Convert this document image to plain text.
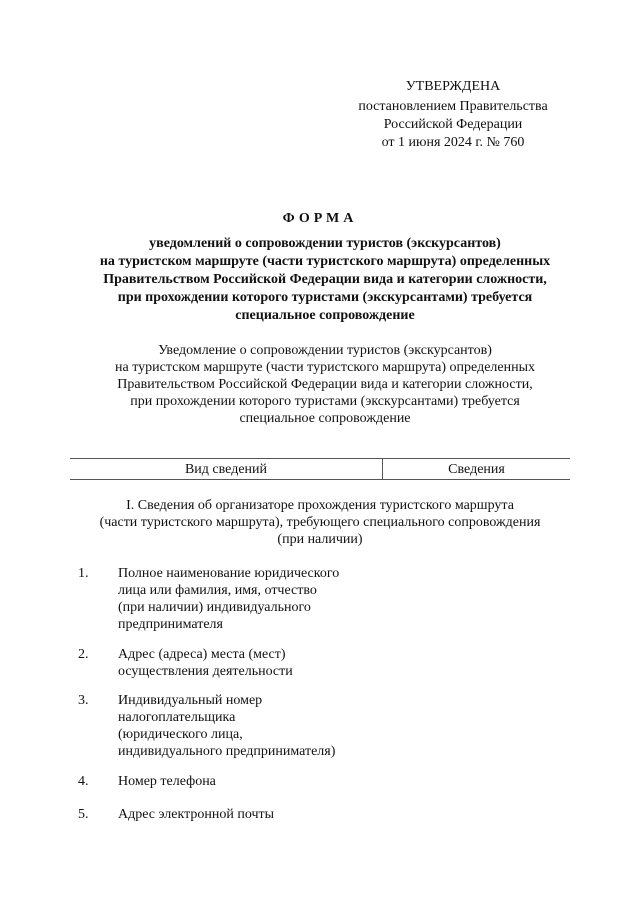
УТВЕРЖДЕНА
постановлением Правительства
Российской Федерации
от 1 июня 2024 г. № 760
ФОРМА
уведомлений о сопровождении туристов (экскурсантов)
на туристском маршруте (части туристского маршрута) определенных
Правительством Российской Федерации вида и категории сложности,
при прохождении которого туристами (экскурсантами) требуется
специальное сопровождение
Уведомление о сопровождении туристов (экскурсантов)
на туристском маршруте (части туристского маршрута) определенных
Правительством Российской Федерации вида и категории сложности,
при прохождении которого туристами (экскурсантами) требуется
специальное сопровождение
Вид сведений	Сведения
I. Сведения об организаторе прохождения туристского маршрута
(части туристского маршрута), требующего специального сопровождения
(при наличии)
1. Полное наименование юридического
лица или фамилия, имя, отчество
(при наличии) индивидуального
предпринимателя
2. Адрес (адреса) места (мест)
осуществления деятельности
3. Индивидуальный номер
налогоплательщика
(юридического лица,
индивидуального предпринимателя)
4. Номер телефона
5. Адрес электронной почты
